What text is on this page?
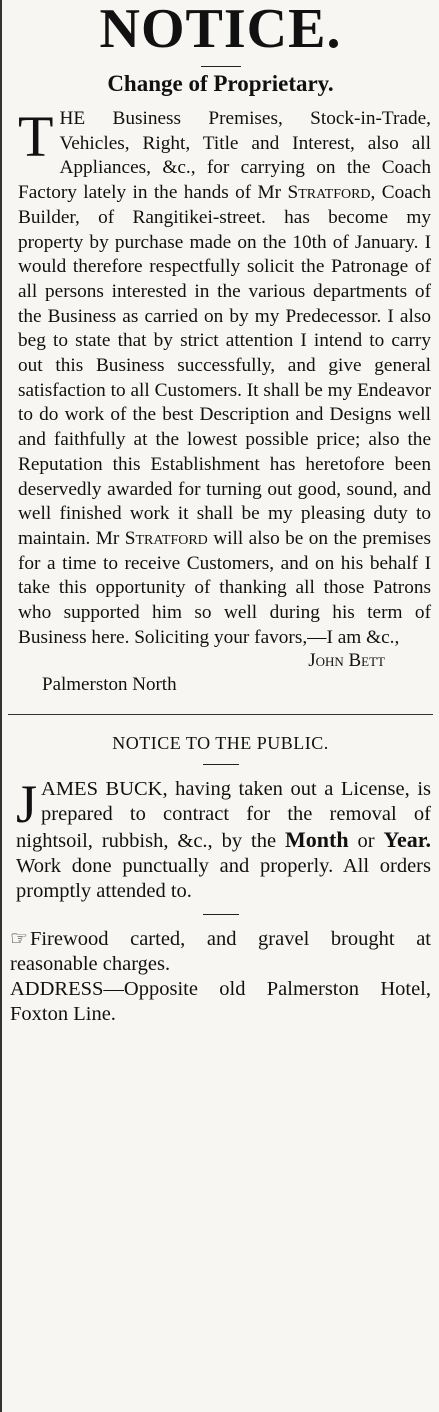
NOTICE.
Change of Proprietary.
THE Business Premises, Stock-in-Trade, Vehicles, Right, Title and Interest, also all Appliances, &c., for carrying on the Coach Factory lately in the hands of Mr Stratford, Coach Builder, of Rangitikei-street. has become my property by purchase made on the 10th of January. I would therefore respectfully solicit the Patronage of all persons interested in the various departments of the Business as carried on by my Predecessor. I also beg to state that by strict attention I intend to carry out this Business successfully, and give general satisfaction to all Customers. It shall be my Endeavor to do work of the best Description and Designs well and faithfully at the lowest possible price; also the Reputation this Establishment has heretofore been deservedly awarded for turning out good, sound, and well finished work it shall be my pleasing duty to maintain. Mr Stratford will also be on the premises for a time to receive Customers, and on his behalf I take this opportunity of thanking all those Patrons who supported him so well during his term of Business here. Soliciting your favors,—I am &c.,
John Bett
Palmerston North
NOTICE TO THE PUBLIC.
JAMES BUCK, having taken out a License, is prepared to contract for the removal of nightsoil, rubbish, &c., by the Month or Year. Work done punctually and properly. All orders promptly attended to.
☞Firewood carted, and gravel brought at reasonable charges.
ADDRESS—Opposite old Palmerston Hotel, Foxton Line.
